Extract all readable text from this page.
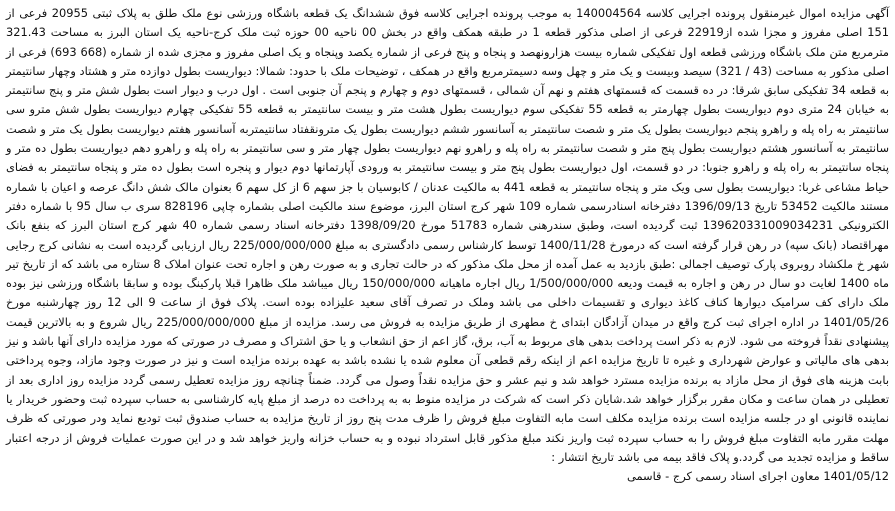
آگهی مزایده اموال غیرمنقول پرونده اجرایی کلاسه 140004564 به موجب پرونده اجرایی کلاسه فوق ششدانگ یک قطعه باشگاه ورزشی نوع ملک طلق به پلاک ثبتی 20955 فرعی از 151 اصلی مفروز و مجزا شده از22919 فرعی از اصلی مذکور قطعه 1 در طبقه همکف واقع در بخش 00 ناحیه 00 حوزه ثبت ملک کرج-ناحیه یک استان البرز به مساحت 321.43 مترمربع متن ملک باشگاه ورزشی قطعه اول تفکیکی شماره بیست هزارونهصد و پنجاه و پنج فرعی از شماره یکصد وپنجاه و یک اصلی مفروز و مجزی شده از شماره (668 693) فرعی از اصلی مذکور به مساحت (43 / 321) سیصد وبیست و یک متر و چهل وسه دسیمترمربع واقع در همکف ، توضیحات ملک با حدود: شمالا: دیواریست بطول دوازده متر و هشتاد وچهار سانتیمتر به قطعه 34 تفکیکی سابق شرقا: در ده قسمت که قسمتهای هفتم و نهم آن شمالی ، قسمتهای دوم و چهارم و پنجم آن جنوبی است . اول درب و دیوار است بطول شش متر و پنج سانتیمتر به خیابان 24 متری دوم دیواریست بطول چهارمتر به قطعه 55 تفکیکی سوم دیواریست بطول هشت متر و بیست سانتیمتر به قطعه 55 تفکیکی چهارم دیواریست بطول شش مترو سی سانتیمتر به راه پله و راهرو پنجم دیواریست بطول یک متر و شصت سانتیمتر به آسانسور ششم دیواریست بطول یک مترونقفتاد سانتیمتربه آسانسور هفتم دیواریست بطول یک متر و شصت سانتیمتر به آسانسور هشتم دیواریست بطول پنج متر و شصت سانتیمتر به راه پله و راهرو نهم دیواریست بطول چهار متر و سی سانتیمتر به راه پله و راهرو دهم دیواریست بطول ده متر و پنجاه سانتیمتر به راه پله و راهرو جنوبا: در دو قسمت، اول دیواریست بطول پنج متر و بیست سانتیمتر به ورودی آپارتمانها دوم دیوار و پنجره است بطول ده متر و پنجاه سانتیمتر به فضای حیاط مشاعی غربا: دیواریست بطول سی ویک متر و پنجاه سانتیمتر به قطعه 441 به مالکیت عدنان / کابوسیان با جز سهم 6 از کل سهم 6 بعنوان مالک شش دانگ عرصه و اعیان با شماره مستند مالکیت 53452 تاریخ 1396/09/13 دفترخانه اسنادرسمی شماره 109 شهر کرج استان البرز، موضوع سند مالکیت اصلی بشماره چاپی 828196 سری ب سال 95 با شماره دفتر الکترونیکی 139620331009034231 ثبت گردیده است، وطبق سندرهنی شماره 51783 مورخ 1398/09/20 دفترخانه اسناد رسمی شماره 40 شهر کرج استان البرز که بنفع بانک مهراقتصاد (بانک سپه) در رهن قرار گرفته است که درمورخ 1400/11/28 توسط کارشناس رسمی دادگستری به مبلغ 225/000/000/000 ریال ارزیابی گردیده است به نشانی کرج رجایی شهر خ ملکشاد روبروی پارک توصیف اجمالی :طبق بازدید به عمل آمده از محل ملک مذکور که در حالت تجاری و به صورت رهن و اجاره تحت عنوان املاک 8 ستاره می باشد که از تاریخ تیر ماه 1400 لغایت دو سال در رهن و اجاره به قیمت ودیعه 1/500/000/000 ریال اجاره ماهیانه 150/000/000 ریال میباشد ملک ظاهرا قبلا پارکینگ بوده و سابقا باشگاه ورزشی نیز بوده ملک دارای کف سرامیک دیوارها کناف کاغذ دیواری و تقسیمات داخلی می باشد وملک در تصرف آقای سعید علیزاده بوده است. پلاک فوق از ساعت 9 الی 12 روز چهارشنبه مورخ 1401/05/26 در اداره اجرای ثبت کرج واقع در میدان آزادگان ابتدای خ مطهری از طریق مزایده به فروش می رسد. مزایده از مبلغ 225/000/000/000 ریال شروع و به بالاترین قیمت پیشنهادی نقداً فروخته می شود. لازم به ذکر است پرداخت بدهی های مربوط به آب، برق، گاز اعم از حق انشعاب و یا حق اشتراک و مصرف در صورتی که مورد مزایده دارای آنها باشد و نیز بدهی های مالیاتی و عوارض شهرداری و غیره تا تاریخ مزایده اعم از اینکه رقم قطعی آن معلوم شده یا نشده باشد به عهده برنده مزایده است و نیز در صورت وجود مازاد، وجوه پرداختی بابت هزینه های فوق از محل مازاد به برنده مزایده مسترد خواهد شد و نیم عشر و حق مزایده نقداً وصول می گردد. ضمناً چنانچه روز مزایده تعطیل رسمی گردد مزایده روز اداری بعد از تعطیلی در همان ساعت و مکان مقرر برگزار خواهد شد.شایان ذکر است که شرکت در مزایده منوط به به پرداخت ده درصد از مبلغ پایه کارشناسی به حساب سپرده ثبت وحضور خریدار یا نماینده قانونی او در جلسه مزایده است برنده مزایده مکلف است مابه التفاوت مبلغ فروش را ظرف مدت پنج روز از تاریخ مزایده به حساب صندوق ثبت تودیع نماید ودر صورتی که ظرف مهلت مقرر مابه التفاوت مبلغ فروش را به حساب سپرده ثبت واریز نکند مبلغ مذکور قابل استرداد نبوده و به حساب خزانه واریز خواهد شد و در این صورت عملیات فروش از درجه اعتبار ساقط و مزایده تجدید می گردد.و پلاک فاقد بیمه می باشد تاریخ انتشار :

1401/05/12 معاون اجرای اسناد رسمی کرج - قاسمی
